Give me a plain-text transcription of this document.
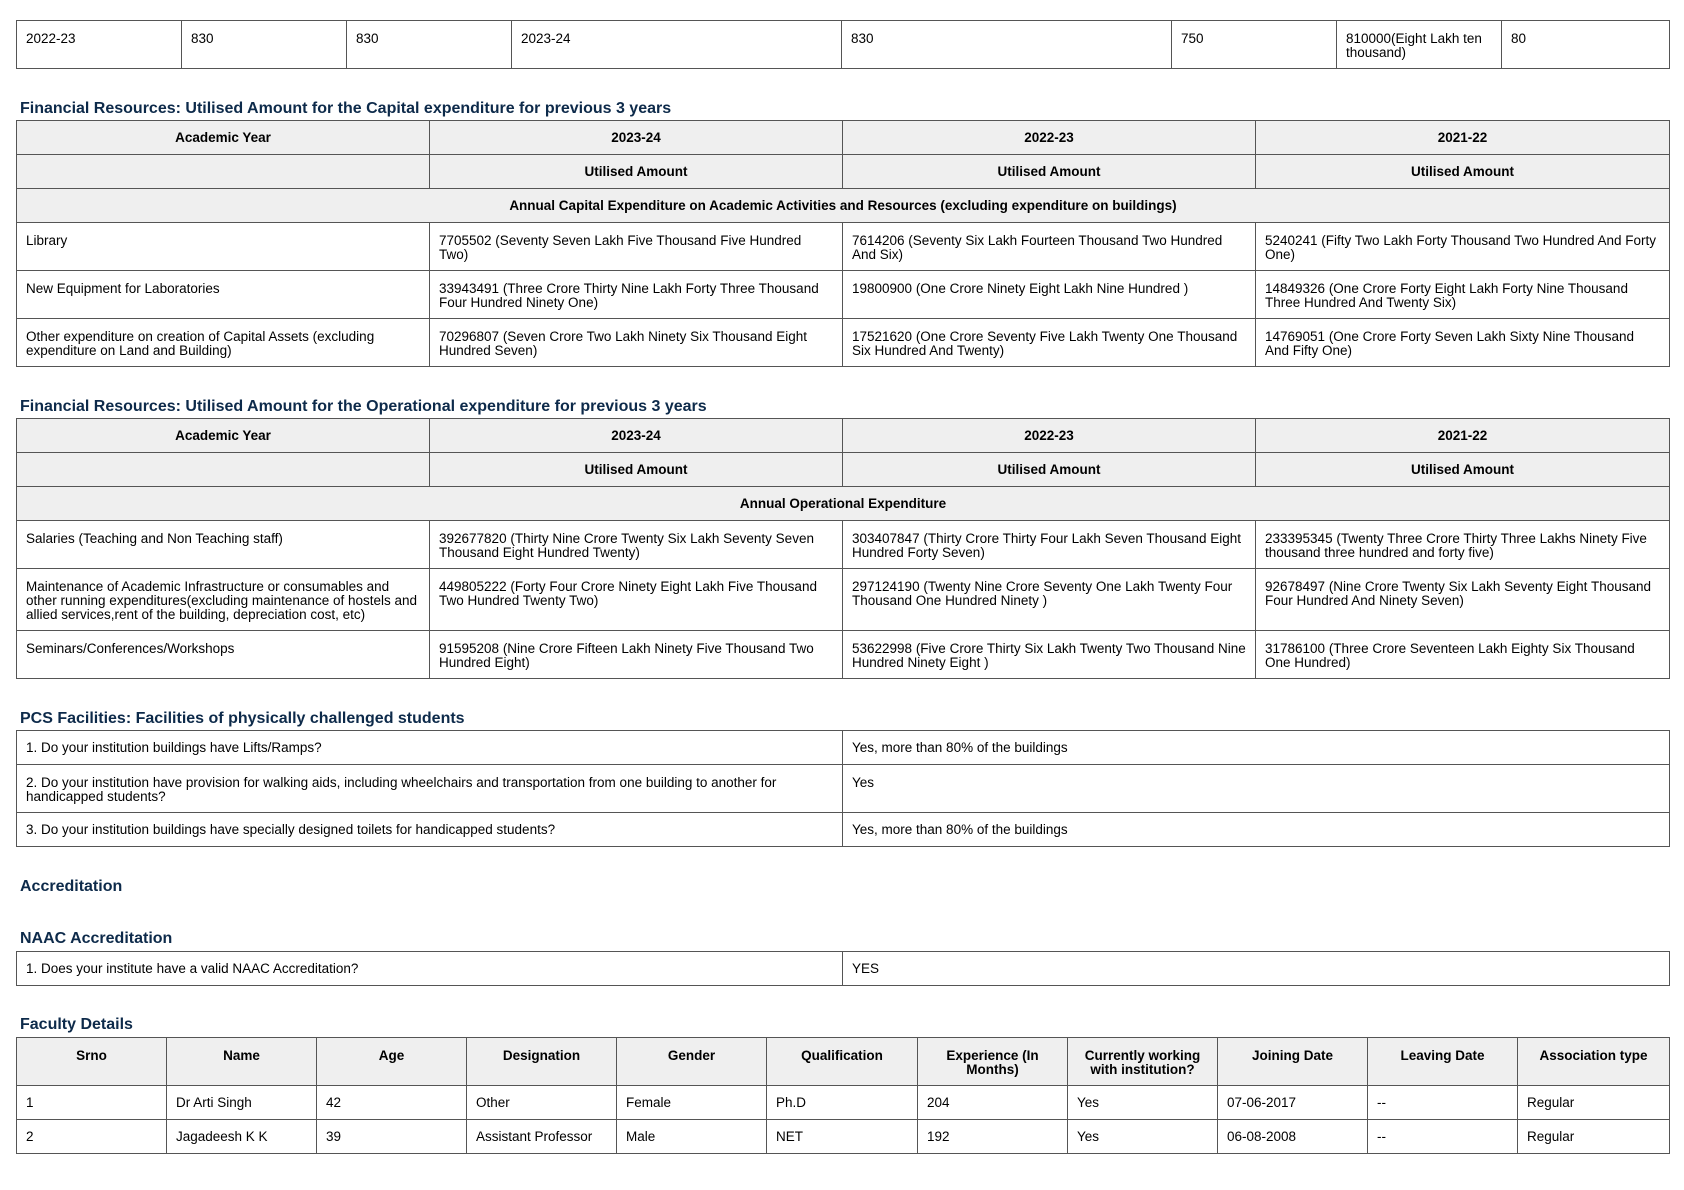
2022-23	830	830	2023-24	830	750	810000(Eight Lakh ten thousand)	80
Financial Resources: Utilised Amount for the Capital expenditure for previous 3 years
Academic Year	2023-24	2022-23	2021-22
	Utilised Amount	Utilised Amount	Utilised Amount
Annual Capital Expenditure on Academic Activities and Resources (excluding expenditure on buildings)			
Library	7705502 (Seventy Seven Lakh Five Thousand Five Hundred Two)	7614206 (Seventy Six Lakh Fourteen Thousand Two Hundred And Six)	5240241 (Fifty Two Lakh Forty Thousand Two Hundred And Forty One)
New Equipment for Laboratories	33943491 (Three Crore Thirty Nine Lakh Forty Three Thousand Four Hundred Ninety One)	19800900 (One Crore Ninety Eight Lakh Nine Hundred )	14849326 (One Crore Forty Eight Lakh Forty Nine Thousand Three Hundred And Twenty Six)
Other expenditure on creation of Capital Assets (excluding expenditure on Land and Building)	70296807 (Seven Crore Two Lakh Ninety Six Thousand Eight Hundred Seven)	17521620 (One Crore Seventy Five Lakh Twenty One Thousand Six Hundred And Twenty)	14769051 (One Crore Forty Seven Lakh Sixty Nine Thousand And Fifty One)
Financial Resources: Utilised Amount for the Operational expenditure for previous 3 years
Academic Year	2023-24	2022-23	2021-22
	Utilised Amount	Utilised Amount	Utilised Amount
Annual Operational Expenditure			
Salaries (Teaching and Non Teaching staff)	392677820 (Thirty Nine Crore Twenty Six Lakh Seventy Seven Thousand Eight Hundred Twenty)	303407847 (Thirty Crore Thirty Four Lakh Seven Thousand Eight Hundred Forty Seven)	233395345 (Twenty Three Crore Thirty Three Lakhs Ninety Five thousand three hundred and forty five)
Maintenance of Academic Infrastructure or consumables and other running expenditures(excluding maintenance of hostels and allied services,rent of the building, depreciation cost, etc)	449805222 (Forty Four Crore Ninety Eight Lakh Five Thousand Two Hundred Twenty Two)	297124190 (Twenty Nine Crore Seventy One Lakh Twenty Four Thousand One Hundred Ninety )	92678497 (Nine Crore Twenty Six Lakh Seventy Eight Thousand Four Hundred And Ninety Seven)
Seminars/Conferences/Workshops	91595208 (Nine Crore Fifteen Lakh Ninety Five Thousand Two Hundred Eight)	53622998 (Five Crore Thirty Six Lakh Twenty Two Thousand Nine Hundred Ninety Eight )	31786100 (Three Crore Seventeen Lakh Eighty Six Thousand One Hundred)
PCS Facilities: Facilities of physically challenged students
1. Do your institution buildings have Lifts/Ramps?	Yes, more than 80% of the buildings
2. Do your institution have provision for walking aids, including wheelchairs and transportation from one building to another for handicapped students?	Yes
3. Do your institution buildings have specially designed toilets for handicapped students?	Yes, more than 80% of the buildings
Accreditation
NAAC Accreditation
1. Does your institute have a valid NAAC Accreditation?	YES
Faculty Details
Srno	Name	Age	Designation	Gender	Qualification	Experience (In Months)	Currently working with institution?	Joining Date	Leaving Date	Association type
1	Dr Arti Singh	42	Other	Female	Ph.D	204	Yes	07-06-2017	--	Regular
2	Jagadeesh K K	39	Assistant Professor	Male	NET	192	Yes	06-08-2008	--	Regular
